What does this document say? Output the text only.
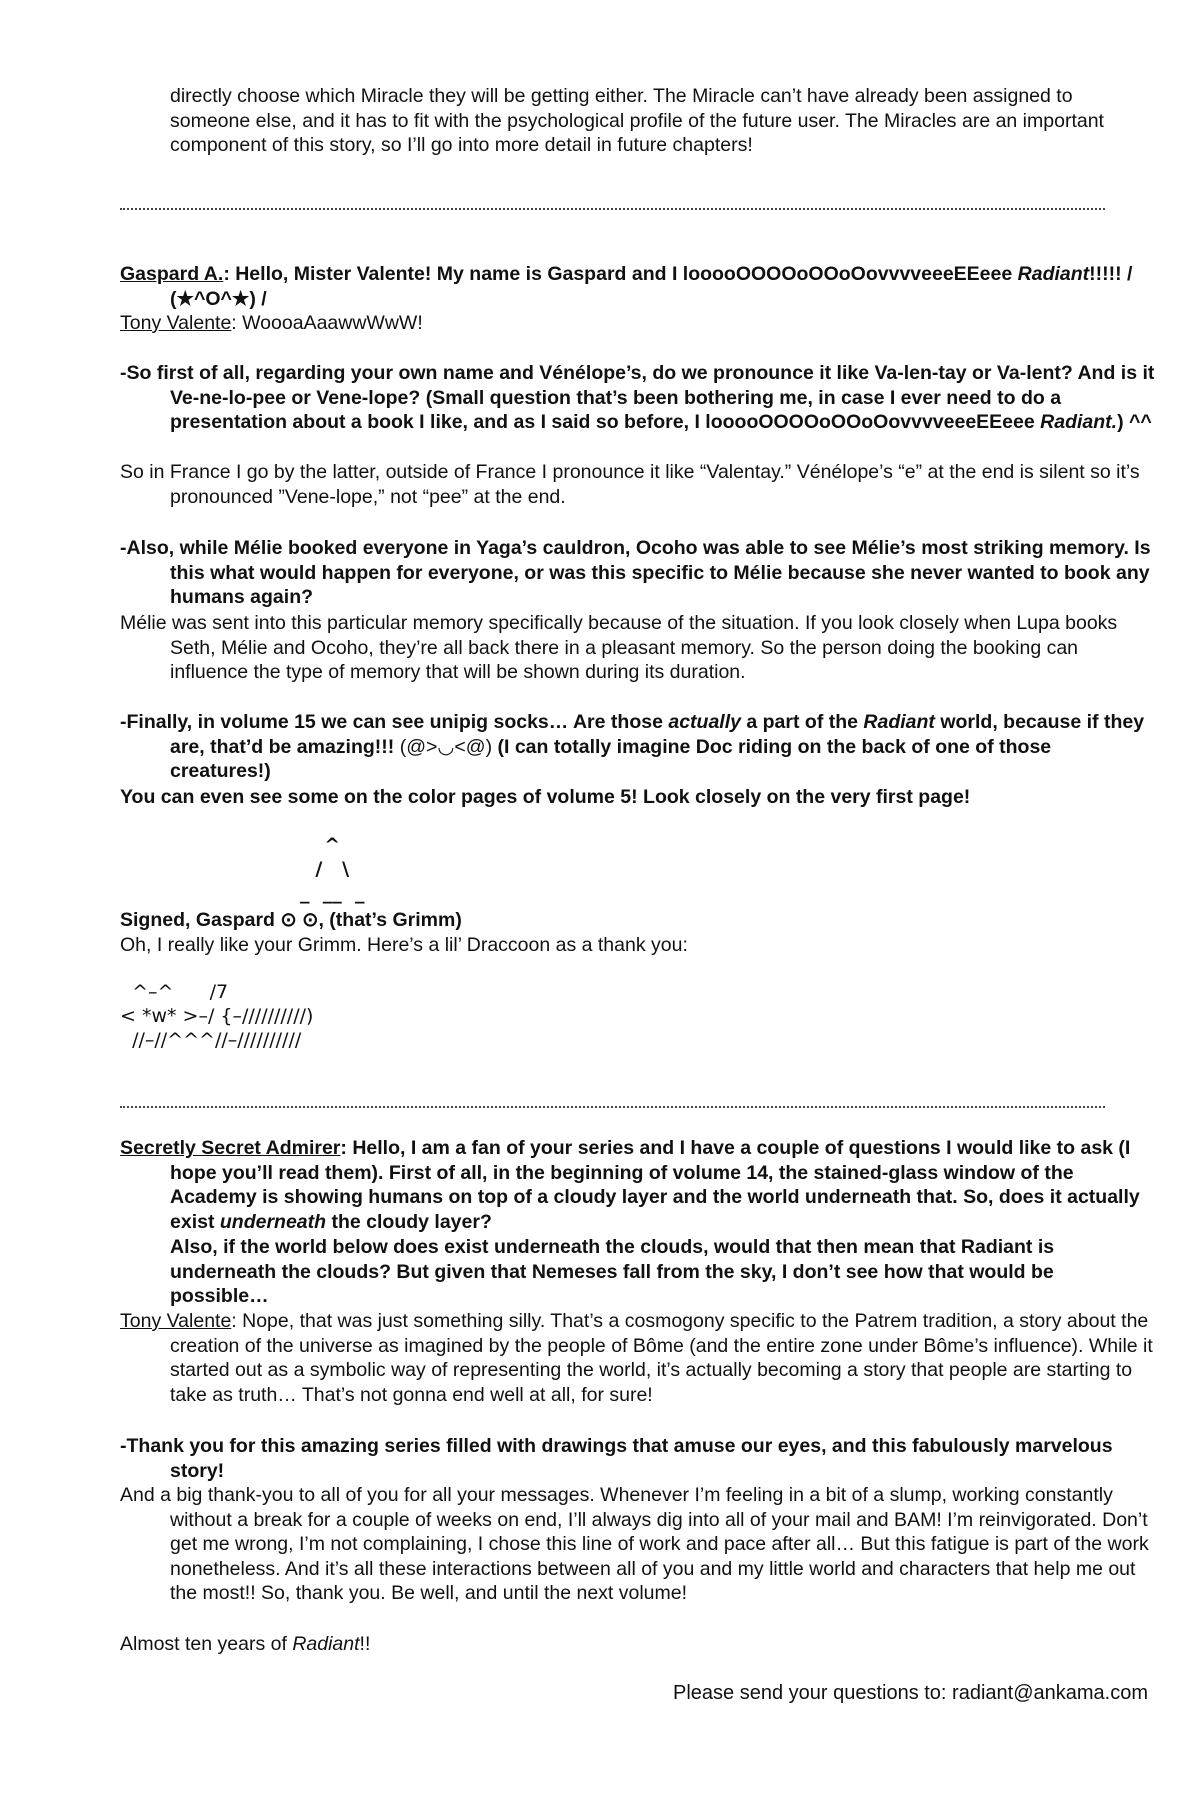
directly choose which Miracle they will be getting either. The Miracle can’t have already been assigned to someone else, and it has to fit with the psychological profile of the future user. The Miracles are an important component of this story, so I’ll go into more detail in future chapters!

Gaspard A.: Hello, Mister Valente! My name is Gaspard and I looooOOOOoOOoOovvvveeeEEeee Radiant!!!!! / (★^O^★) /

Tony Valente: WoooaAaawwWwW!

-So first of all, regarding your own name and Vénélope’s, do we pronounce it like Va-len-tay or Va-lent? And is it Ve-ne-lo-pee or Vene-lope? (Small question that’s been bothering me, in case I ever need to do a presentation about a book I like, and as I said so before, I looooOOOOoOOoOovvvveeeEEeee Radiant.) ^^

So in France I go by the latter, outside of France I pronounce it like “Valentay.” Vénélope’s “e” at the end is silent so it’s pronounced ”Vene-lope,” not “pee” at the end.

-Also, while Mélie booked everyone in Yaga’s cauldron, Ocoho was able to see Mélie’s most striking memory. Is this what would happen for everyone, or was this specific to Mélie because she never wanted to book any humans again?

Mélie was sent into this particular memory specifically because of the situation. If you look closely when Lupa books Seth, Mélie and Ocoho, they’re all back there in a pleasant memory. So the person doing the booking can influence the type of memory that will be shown during its duration.

-Finally, in volume 15 we can see unipig socks… Are those actually a part of the Radiant world, because if they are, that’d be amazing!!! (@>◡<@) (I can totally imagine Doc riding on the back of one of those creatures!)

You can even see some on the color pages of volume 5! Look closely on the very first page!

^
/   \
_  __  _

Signed, Gaspard ⊙ ⊙, (that’s Grimm)

Oh, I really like your Grimm. Here’s a lil’ Draccoon as a thank you:

^–^      /7
< *w* >–/ {–//////////)
//–//^^^//–//////////

Secretly Secret Admirer: Hello, I am a fan of your series and I have a couple of questions I would like to ask (I hope you’ll read them). First of all, in the beginning of volume 14, the stained-glass window of the Academy is showing humans on top of a cloudy layer and the world underneath that. So, does it actually exist underneath the cloudy layer?

Also, if the world below does exist underneath the clouds, would that then mean that Radiant is underneath the clouds? But given that Nemeses fall from the sky, I don’t see how that would be possible…

Tony Valente: Nope, that was just something silly. That’s a cosmogony specific to the Patrem tradition, a story about the creation of the universe as imagined by the people of Bôme (and the entire zone under Bôme’s influence). While it started out as a symbolic way of representing the world, it’s actually becoming a story that people are starting to take as truth… That’s not gonna end well at all, for sure!

-Thank you for this amazing series filled with drawings that amuse our eyes, and this fabulously marvelous story!

And a big thank-you to all of you for all your messages. Whenever I’m feeling in a bit of a slump, working constantly without a break for a couple of weeks on end, I’ll always dig into all of your mail and BAM! I’m reinvigorated. Don’t get me wrong, I’m not complaining, I chose this line of work and pace after all… But this fatigue is part of the work nonetheless. And it’s all these interactions between all of you and my little world and characters that help me out the most!! So, thank you. Be well, and until the next volume!

Almost ten years of Radiant!!

Please send your questions to: radiant@ankama.com
